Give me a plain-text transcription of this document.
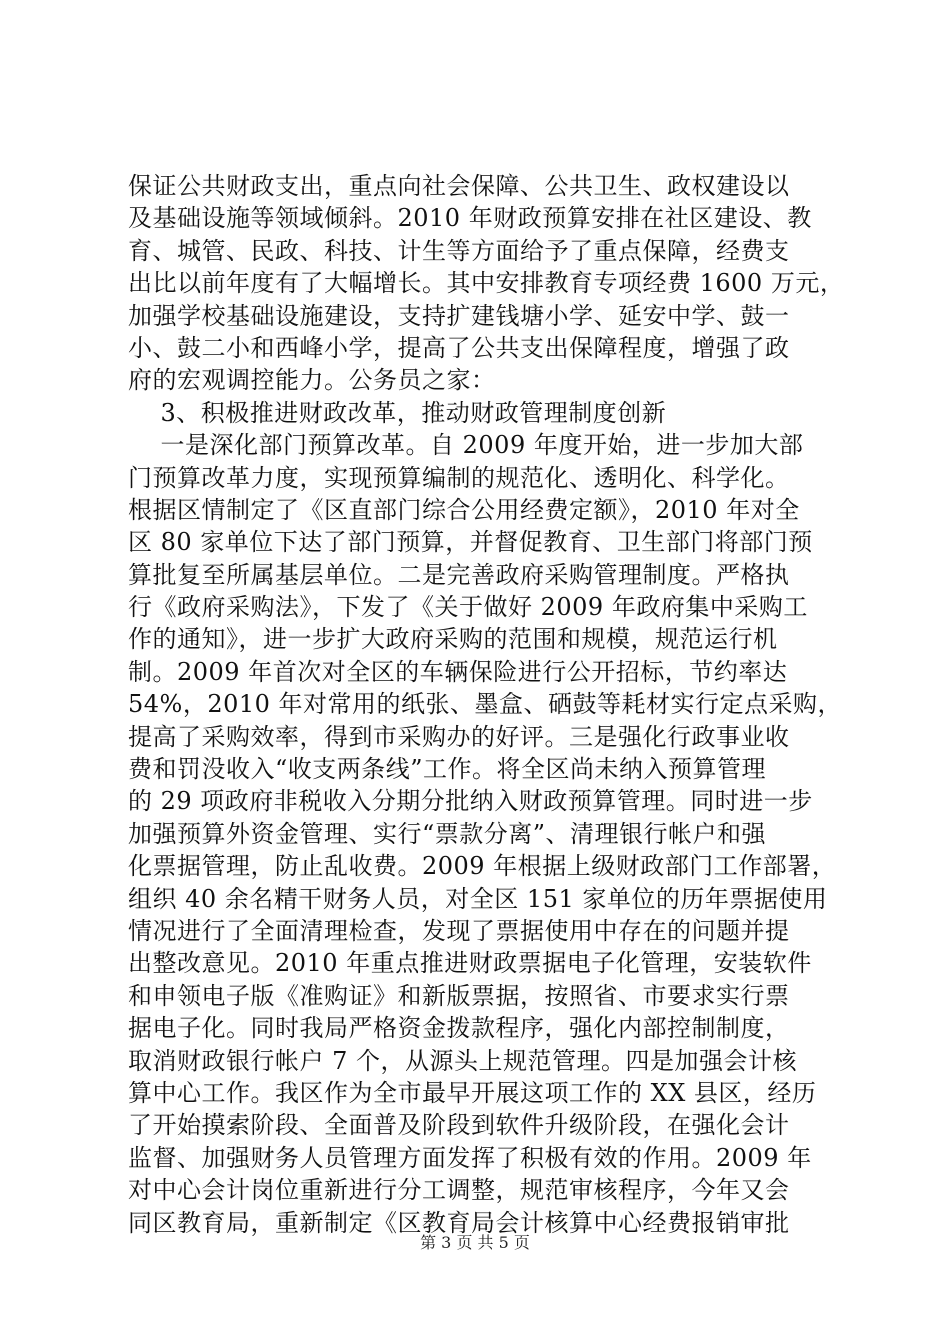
保证公共财政支出，重点向社会保障、公共卫生、政权建设以
及基础设施等领域倾斜。2010 年财政预算安排在社区建设、教
育、城管、民政、科技、计生等方面给予了重点保障，经费支
出比以前年度有了大幅增长。其中安排教育专项经费 1600 万元，
加强学校基础设施建设，支持扩建钱塘小学、延安中学、鼓一
小、鼓二小和西峰小学，提高了公共支出保障程度，增强了政
府的宏观调控能力。公务员之家：
3、积极推进财政改革，推动财政管理制度创新
一是深化部门预算改革。自 2009 年度开始，进一步加大部
门预算改革力度，实现预算编制的规范化、透明化、科学化。
根据区情制定了《区直部门综合公用经费定额》，2010 年对全
区 80 家单位下达了部门预算，并督促教育、卫生部门将部门预
算批复至所属基层单位。二是完善政府采购管理制度。严格执
行《政府采购法》，下发了《关于做好 2009 年政府集中采购工
作的通知》，进一步扩大政府采购的范围和规模，规范运行机
制。2009 年首次对全区的车辆保险进行公开招标，节约率达
54%，2010 年对常用的纸张、墨盒、硒鼓等耗材实行定点采购，
提高了采购效率，得到市采购办的好评。三是强化行政事业收
费和罚没收入“收支两条线”工作。将全区尚未纳入预算管理
的 29 项政府非税收入分期分批纳入财政预算管理。同时进一步
加强预算外资金管理、实行“票款分离”、清理银行帐户和强
化票据管理，防止乱收费。2009 年根据上级财政部门工作部署，
组织 40 余名精干财务人员，对全区 151 家单位的历年票据使用
情况进行了全面清理检查，发现了票据使用中存在的问题并提
出整改意见。2010 年重点推进财政票据电子化管理，安装软件
和申领电子版《准购证》和新版票据，按照省、市要求实行票
据电子化。同时我局严格资金拨款程序，强化内部控制制度，
取消财政银行帐户 7 个，从源头上规范管理。四是加强会计核
算中心工作。我区作为全市最早开展这项工作的 XX 县区，经历
了开始摸索阶段、全面普及阶段到软件升级阶段，在强化会计
监督、加强财务人员管理方面发挥了积极有效的作用。2009 年
对中心会计岗位重新进行分工调整，规范审核程序，今年又会
同区教育局，重新制定《区教育局会计核算中心经费报销审批
第 3 页 共 5 页
